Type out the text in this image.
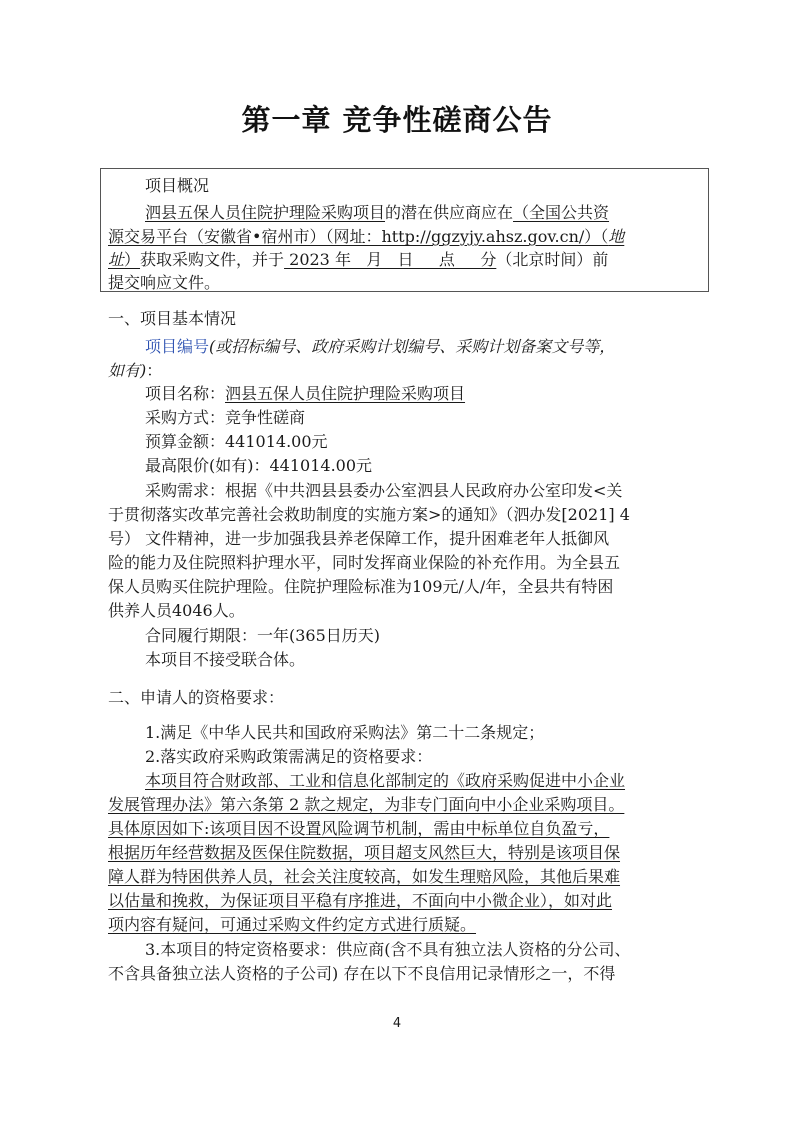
第一章 竞争性磋商公告
项目概况
泗县五保人员住院护理险采购项目的潜在供应商应在（全国公共资
源交易平台（安徽省•宿州市）（网址：http://ggzyjy.ahsz.gov.cn/）（地
址）获取采购文件，并于 2023 年   月   日     点     分（北京时间）前
提交响应文件。
一、项目基本情况
项目编号(或招标编号、政府采购计划编号、采购计划备案文号等，
如有)：
项目名称：泗县五保人员住院护理险采购项目
采购方式：竞争性磋商
预算金额：441014.00元
最高限价(如有)：441014.00元
采购需求：根据《中共泗县县委办公室泗县人民政府办公室印发<关
于贯彻落实改革完善社会救助制度的实施方案>的通知》（泗办发[2021] 4
号） 文件精神，进一步加强我县养老保障工作，提升困难老年人抵御风
险的能力及住院照料护理水平，同时发挥商业保险的补充作用。为全县五
保人员购买住院护理险。住院护理险标准为109元/人/年，全县共有特困
供养人员4046人。
合同履行期限：一年(365日历天)
本项目不接受联合体。
二、申请人的资格要求：
1.满足《中华人民共和国政府采购法》第二十二条规定；
2.落实政府采购政策需满足的资格要求：
本项目符合财政部、工业和信息化部制定的《政府采购促进中小企业
发展管理办法》第六条第 2 款之规定，为非专门面向中小企业采购项目。
具体原因如下:该项目因不设置风险调节机制，需由中标单位自负盈亏，
根据历年经营数据及医保住院数据，项目超支风然巨大，特别是该项目保
障人群为特困供养人员，社会关注度较高，如发生理赔风险，其他后果难
以估量和挽救，为保证项目平稳有序推进，不面向中小微企业），如对此
项内容有疑问，可通过采购文件约定方式进行质疑。
3.本项目的特定资格要求：供应商(含不具有独立法人资格的分公司、
不含具备独立法人资格的子公司) 存在以下不良信用记录情形之一，不得
4
